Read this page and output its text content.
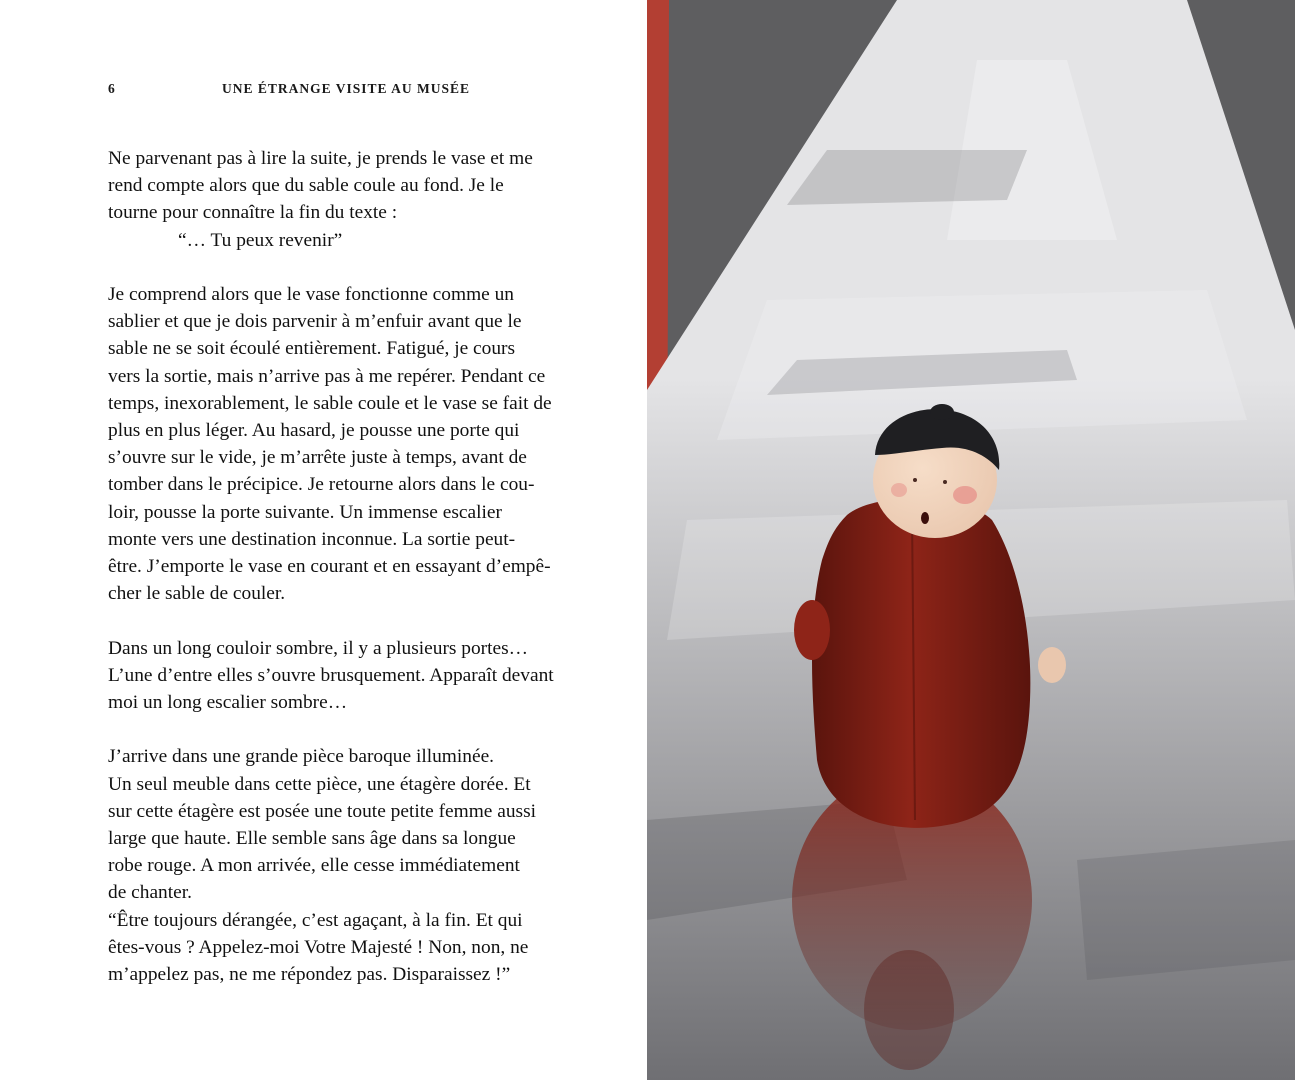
6	UNE ÉTRANGE VISITE AU MUSÉE

Ne parvenant pas à lire la suite, je prends le vase et me
rend compte alors que du sable coule au fond. Je le
tourne pour connaître la fin du texte :
“… Tu peux revenir”

Je comprend alors que le vase fonctionne comme un
sablier et que je dois parvenir à m’enfuir avant que le
sable ne se soit écoulé entièrement. Fatigué, je cours
vers la sortie, mais n’arrive pas à me repérer. Pendant ce
temps, inexorablement, le sable coule et le vase se fait de
plus en plus léger. Au hasard, je pousse une porte qui
s’ouvre sur le vide, je m’arrête juste à temps, avant de
tomber dans le précipice. Je retourne alors dans le cou-
loir, pousse la porte suivante. Un immense escalier
monte vers une destination inconnue. La sortie peut-
être. J’emporte le vase en courant et en essayant d’empê-
cher le sable de couler.

Dans un long couloir sombre, il y a plusieurs portes…
L’une d’entre elles s’ouvre brusquement. Apparaît devant
moi un long escalier sombre…

J’arrive dans une grande pièce baroque illuminée.
Un seul meuble dans cette pièce, une étagère dorée. Et
sur cette étagère est posée une toute petite femme aussi
large que haute. Elle semble sans âge dans sa longue
robe rouge. A mon arrivée, elle cesse immédiatement
de chanter.
“Être toujours dérangée, c’est agaçant, à la fin. Et qui
êtes-vous ? Appelez-moi Votre Majesté ! Non, non, ne
m’appelez pas, ne me répondez pas. Disparaissez !”
